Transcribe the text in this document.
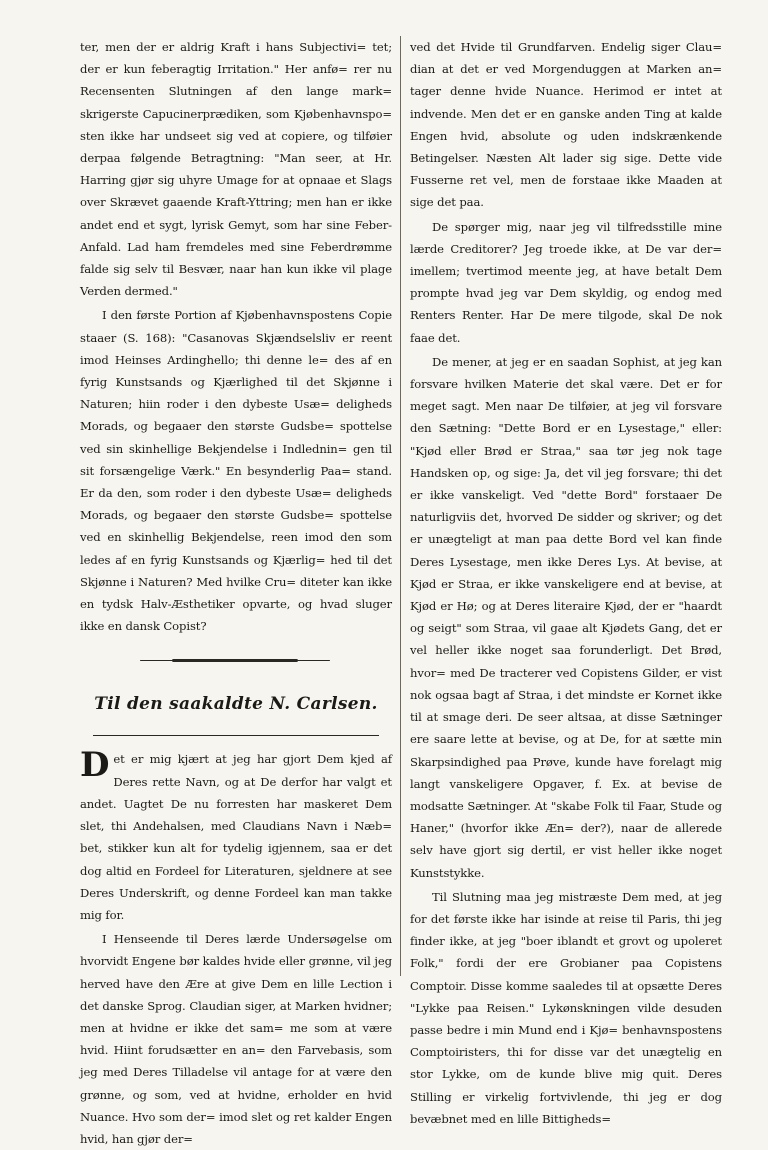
ter, men der er aldrig Kraft i hans Subjectivi= tet; der er kun feberagtig Irritation." Her anfø= rer nu Recensenten Slutningen af den lange mark= skrigerste Capucinerprædiken, som Kjøbenhavnspo= sten ikke har undseet sig ved at copiere, og tilføier derpaa følgende Betragtning: "Man seer, at Hr. Harring gjør sig uhyre Umage for at opnaae et Slags over Skrævet gaaende Kraft-Yttring; men han er ikke andet end et sygt, lyrisk Gemyt, som har sine Feber-Anfald. Lad ham fremdeles med sine Feberdrømme falde sig selv til Besvær, naar han kun ikke vil plage Verden dermed."

I den første Portion af Kjøbenhavnspostens Copie staaer (S. 168): "Casanovas Skjændselsliv er reent imod Heinses Ardinghello; thi denne le= des af en fyrig Kunstsands og Kjærlighed til det Skjønne i Naturen; hiin roder i den dybeste Usæ= deligheds Morads, og begaaer den største Gudsbe= spottelse ved sin skinhellige Bekjendelse i Indlednin= gen til sit forsængelige Værk." En besynderlig Paa= stand. Er da den, som roder i den dybeste Usæ= deligheds Morads, og begaaer den største Gudsbe= spottelse ved en skinhellig Bekjendelse, reen imod den som ledes af en fyrig Kunstsands og Kjærlig= hed til det Skjønne i Naturen? Med hvilke Cru= diteter kan ikke en tydsk Halv-Æsthetiker opvarte, og hvad sluger ikke en dansk Copist?

Til den saakaldte N. Carlsen.

Det er mig kjært at jeg har gjort Dem kjed af Deres rette Navn, og at De derfor har valgt et andet. Uagtet De nu forresten har maskeret Dem slet, thi Andehalsen, med Claudians Navn i Næb= bet, stikker kun alt for tydelig igjennem, saa er det dog altid en Fordeel for Literaturen, sjeldnere at see Deres Underskrift, og denne Fordeel kan man takke mig for.

I Henseende til Deres lærde Undersøgelse om hvorvidt Engene bør kaldes hvide eller grønne, vil jeg herved have den Ære at give Dem en lille Lection i det danske Sprog. Claudian siger, at Marken hvidner; men at hvidne er ikke det sam= me som at være hvid. Hiint forudsætter en an= den Farvebasis, som jeg med Deres Tilladelse vil antage for at være den grønne, og som, ved at hvidne, erholder en hvid Nuance. Hvo som der= imod slet og ret kalder Engen hvid, han gjør der=

ved det Hvide til Grundfarven. Endelig siger Clau= dian at det er ved Morgenduggen at Marken an= tager denne hvide Nuance. Herimod er intet at indvende. Men det er en ganske anden Ting at kalde Engen hvid, absolute og uden indskrænkende Betingelser. Næsten Alt lader sig sige. Dette vide Fusserne ret vel, men de forstaae ikke Maaden at sige det paa.

De spørger mig, naar jeg vil tilfredsstille mine lærde Creditorer? Jeg troede ikke, at De var der= imellem; tvertimod meente jeg, at have betalt Dem prompte hvad jeg var Dem skyldig, og endog med Renters Renter. Har De mere tilgode, skal De nok faae det.

De mener, at jeg er en saadan Sophist, at jeg kan forsvare hvilken Materie det skal være. Det er for meget sagt. Men naar De tilføier, at jeg vil forsvare den Sætning: "Dette Bord er en Lysestage," eller: "Kjød eller Brød er Straa," saa tør jeg nok tage Handsken op, og sige: Ja, det vil jeg forsvare; thi det er ikke vanskeligt. Ved "dette Bord" forstaaer De naturligviis det, hvorved De sidder og skriver; og det er unægteligt at man paa dette Bord vel kan finde Deres Lysestage, men ikke Deres Lys. At bevise, at Kjød er Straa, er ikke vanskeligere end at bevise, at Kjød er Hø; og at Deres literaire Kjød, der er "haardt og seigt" som Straa, vil gaae alt Kjødets Gang, det er vel heller ikke noget saa forunderligt. Det Brød, hvor= med De tracterer ved Copistens Gilder, er vist nok ogsaa bagt af Straa, i det mindste er Kornet ikke til at smage deri. De seer altsaa, at disse Sætninger ere saare lette at bevise, og at De, for at sætte min Skarpsindighed paa Prøve, kunde have forelagt mig langt vanskeligere Opgaver, f. Ex. at bevise de modsatte Sætninger. At "skabe Folk til Faar, Stude og Haner," (hvorfor ikke Æn= der?), naar de allerede selv have gjort sig dertil, er vist heller ikke noget Kunststykke.

Til Slutning maa jeg mistræste Dem med, at jeg for det første ikke har isinde at reise til Paris, thi jeg finder ikke, at jeg "boer iblandt et grovt og upoleret Folk," fordi der ere Grobianer paa Copistens Comptoir. Disse komme saaledes til at opsætte Deres "Lykke paa Reisen." Lykønskningen vilde desuden passe bedre i min Mund end i Kjø= benhavnspostens Comptoiristers, thi for disse var det unægtelig en stor Lykke, om de kunde blive mig quit. Deres Stilling er virkelig fortvivlende, thi jeg er dog bevæbnet med en lille Bittigheds=
